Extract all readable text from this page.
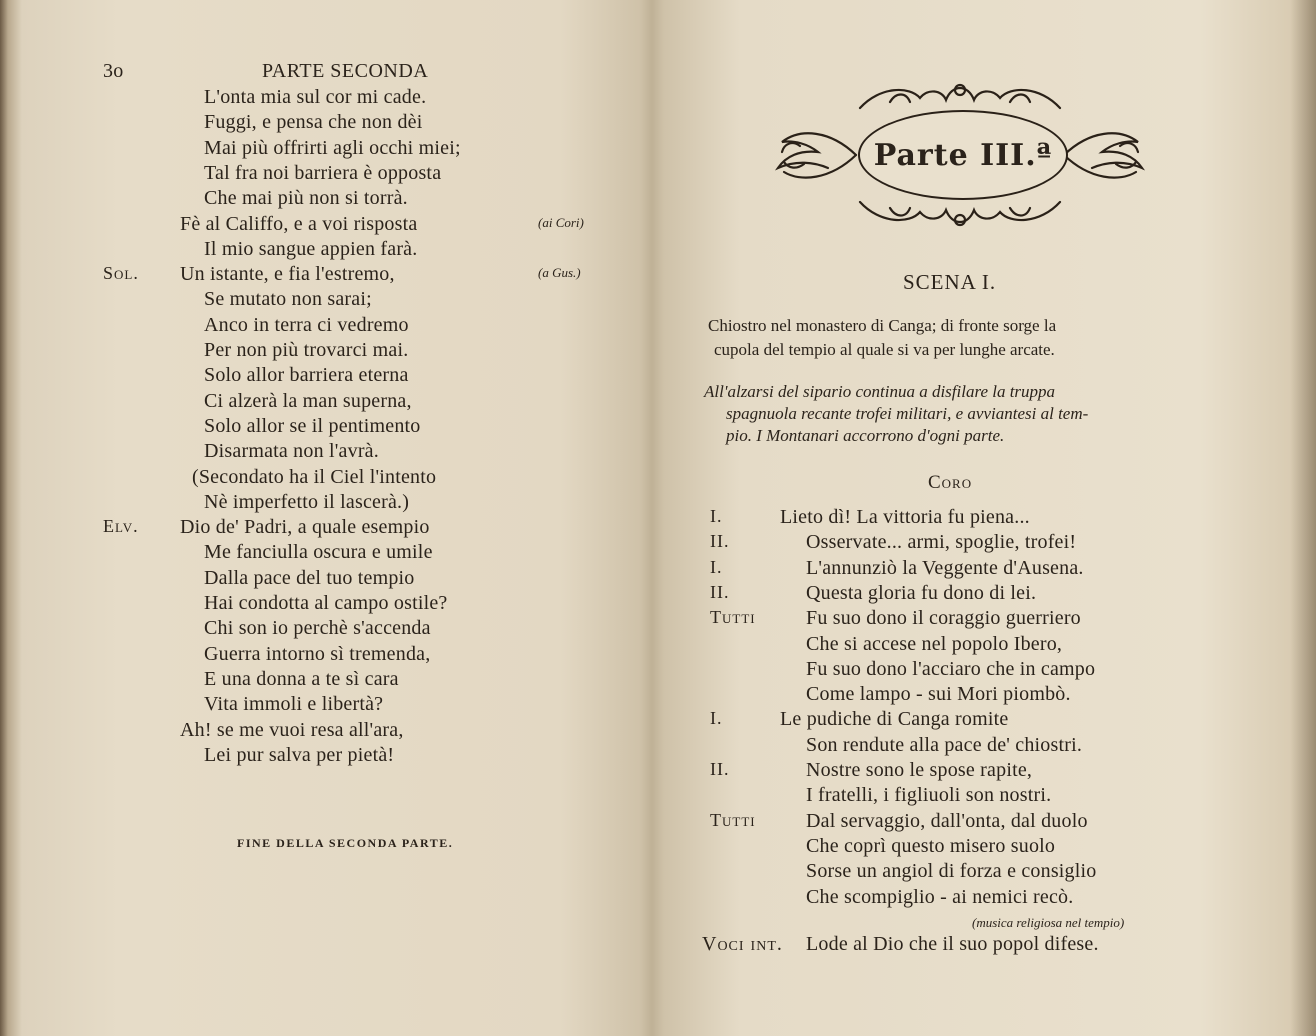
3o	PARTE SECONDA
L'onta mia sul cor mi cade.
Fuggi, e pensa che non dèi
Mai più offrirti agli occhi miei;
Tal fra noi barriera è opposta
Che mai più non si torrà.
Fè al Califfo, e a voi risposta	(ai Cori)
Il mio sangue appien farà.
Sol. Un istante, e fia l'estremo,	(a Gus.)
Se mutato non sarai;
Anco in terra ci vedremo
Per non più trovarci mai.
Solo allor barriera eterna
Ci alzerà la man superna,
Solo allor se il pentimento
Disarmata non l'avrà.
(Secondato ha il Ciel l'intento
Nè imperfetto il lascerà.)
Elv. Dio de' Padri, a quale esempio
Me fanciulla oscura e umile
Dalla pace del tuo tempio
Hai condotta al campo ostile?
Chi son io perchè s'accenda
Guerra intorno sì tremenda,
E una donna a te sì cara
Vita immoli e libertà?
Ah! se me vuoi resa all'ara,
Lei pur salva per pietà!
FINE DELLA SECONDA PARTE.
Parte III.ª
SCENA I.
Chiostro nel monastero di Canga; di fronte sorge la
cupola del tempio al quale si va per lunghe arcate.
All'alzarsi del sipario continua a disfilare la truppa
spagnuola recante trofei militari, e avviantesi al tem-
pio. I Montanari accorrono d'ogni parte.
Coro
I.	Lieto dì! La vittoria fu piena...
II.	Osservate... armi, spoglie, trofei!
I.	L'annunziò la Veggente d'Ausena.
II.	Questa gloria fu dono di lei.
Tutti	Fu suo dono il coraggio guerriero
Che si accese nel popolo Ibero,
Fu suo dono l'acciaro che in campo
Come lampo - sui Mori piombò.
I.	Le pudiche di Canga romite
Son rendute alla pace de' chiostri.
II.	Nostre sono le spose rapite,
I fratelli, i figliuoli son nostri.
Tutti	Dal servaggio, dall'onta, dal duolo
Che coprì questo misero suolo
Sorse un angiol di forza e consiglio
Che scompiglio - ai nemici recò.
(musica religiosa nel tempio)
Voci int. Lode al Dio che il suo popol difese.
